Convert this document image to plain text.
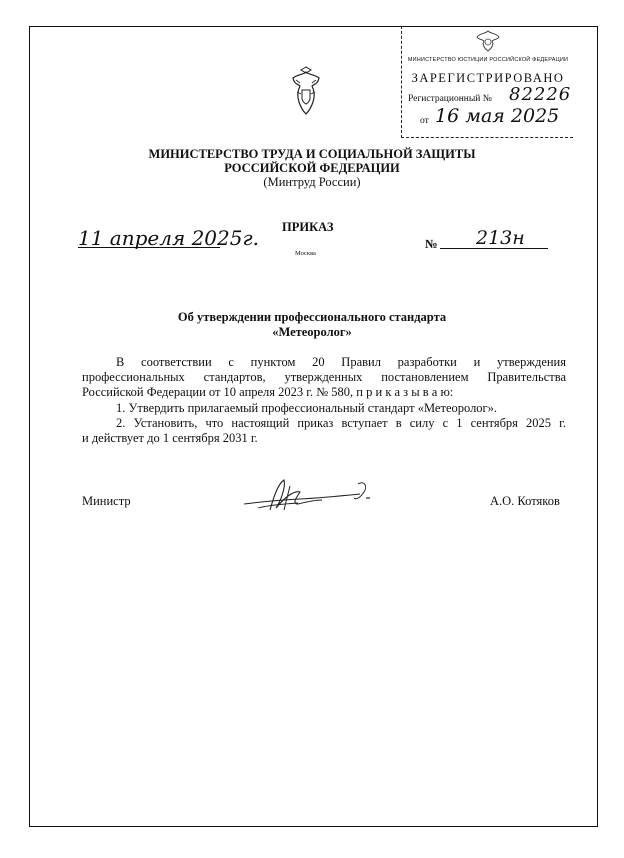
МИНИСТЕРСТВО ЮСТИЦИИ РОССИЙСКОЙ ФЕДЕРАЦИИ
ЗАРЕГИСТРИРОВАНО
Регистрационный № 82226
от 16 мая 2025
МИНИСТЕРСТВО ТРУДА И СОЦИАЛЬНОЙ ЗАЩИТЫ
РОССИЙСКОЙ ФЕДЕРАЦИИ
(Минтруд России)
11 апреля 2025г. ПРИКАЗ
Москва
№ 213н
Об утверждении профессионального стандарта
«Метеоролог»
В соответствии с пунктом 20 Правил разработки и утверждения
профессиональных стандартов, утвержденных постановлением Правительства
Российской Федерации от 10 апреля 2023 г. № 580, п р и к а з ы в а ю:
1. Утвердить прилагаемый профессиональный стандарт «Метеоролог».
2. Установить, что настоящий приказ вступает в силу с 1 сентября 2025 г.
и действует до 1 сентября 2031 г.
Министр	А.О. Котяков
